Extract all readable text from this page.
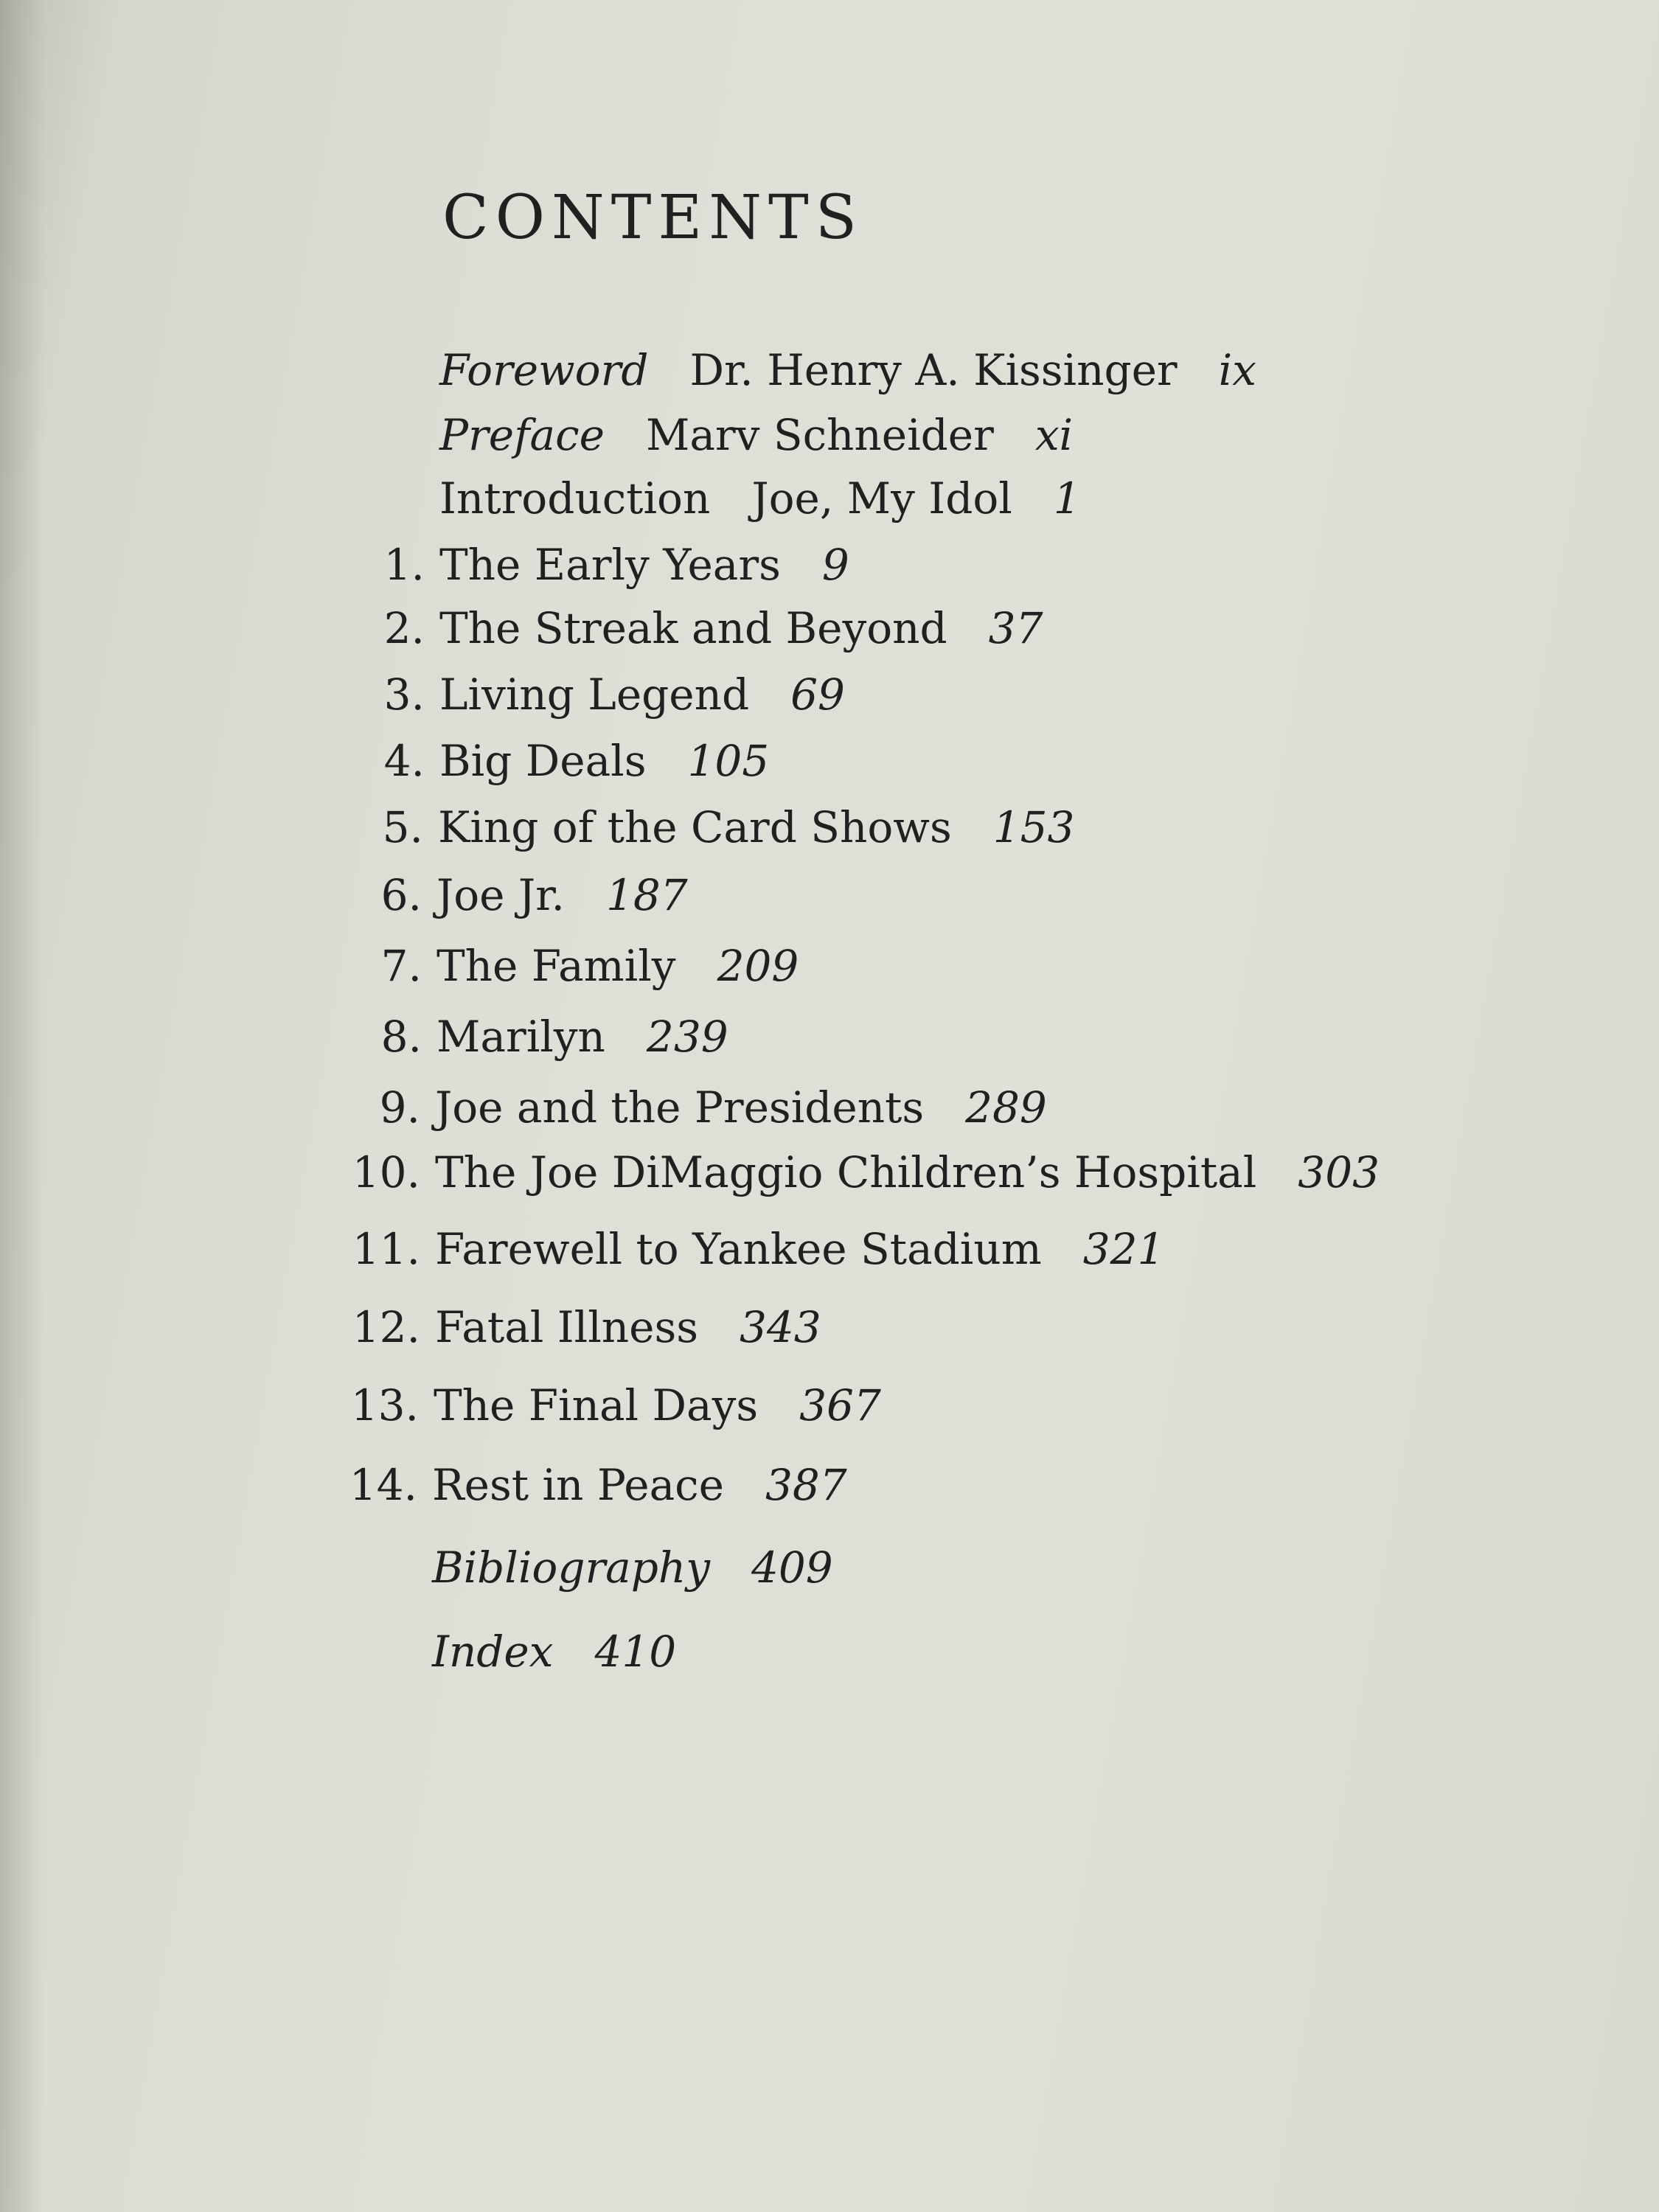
CONTENTS
Foreword Dr. Henry A. Kissinger ix
Preface Marv Schneider xi
Introduction Joe, My Idol 1
1. The Early Years 9
2. The Streak and Beyond 37
3. Living Legend 69
4. Big Deals 105
5. King of the Card Shows 153
6. Joe Jr. 187
7. The Family 209
8. Marilyn 239
9. Joe and the Presidents 289
10. The Joe DiMaggio Children’s Hospital 303
11. Farewell to Yankee Stadium 321
12. Fatal Illness 343
13. The Final Days 367
14. Rest in Peace 387
Bibliography 409
Index 410
